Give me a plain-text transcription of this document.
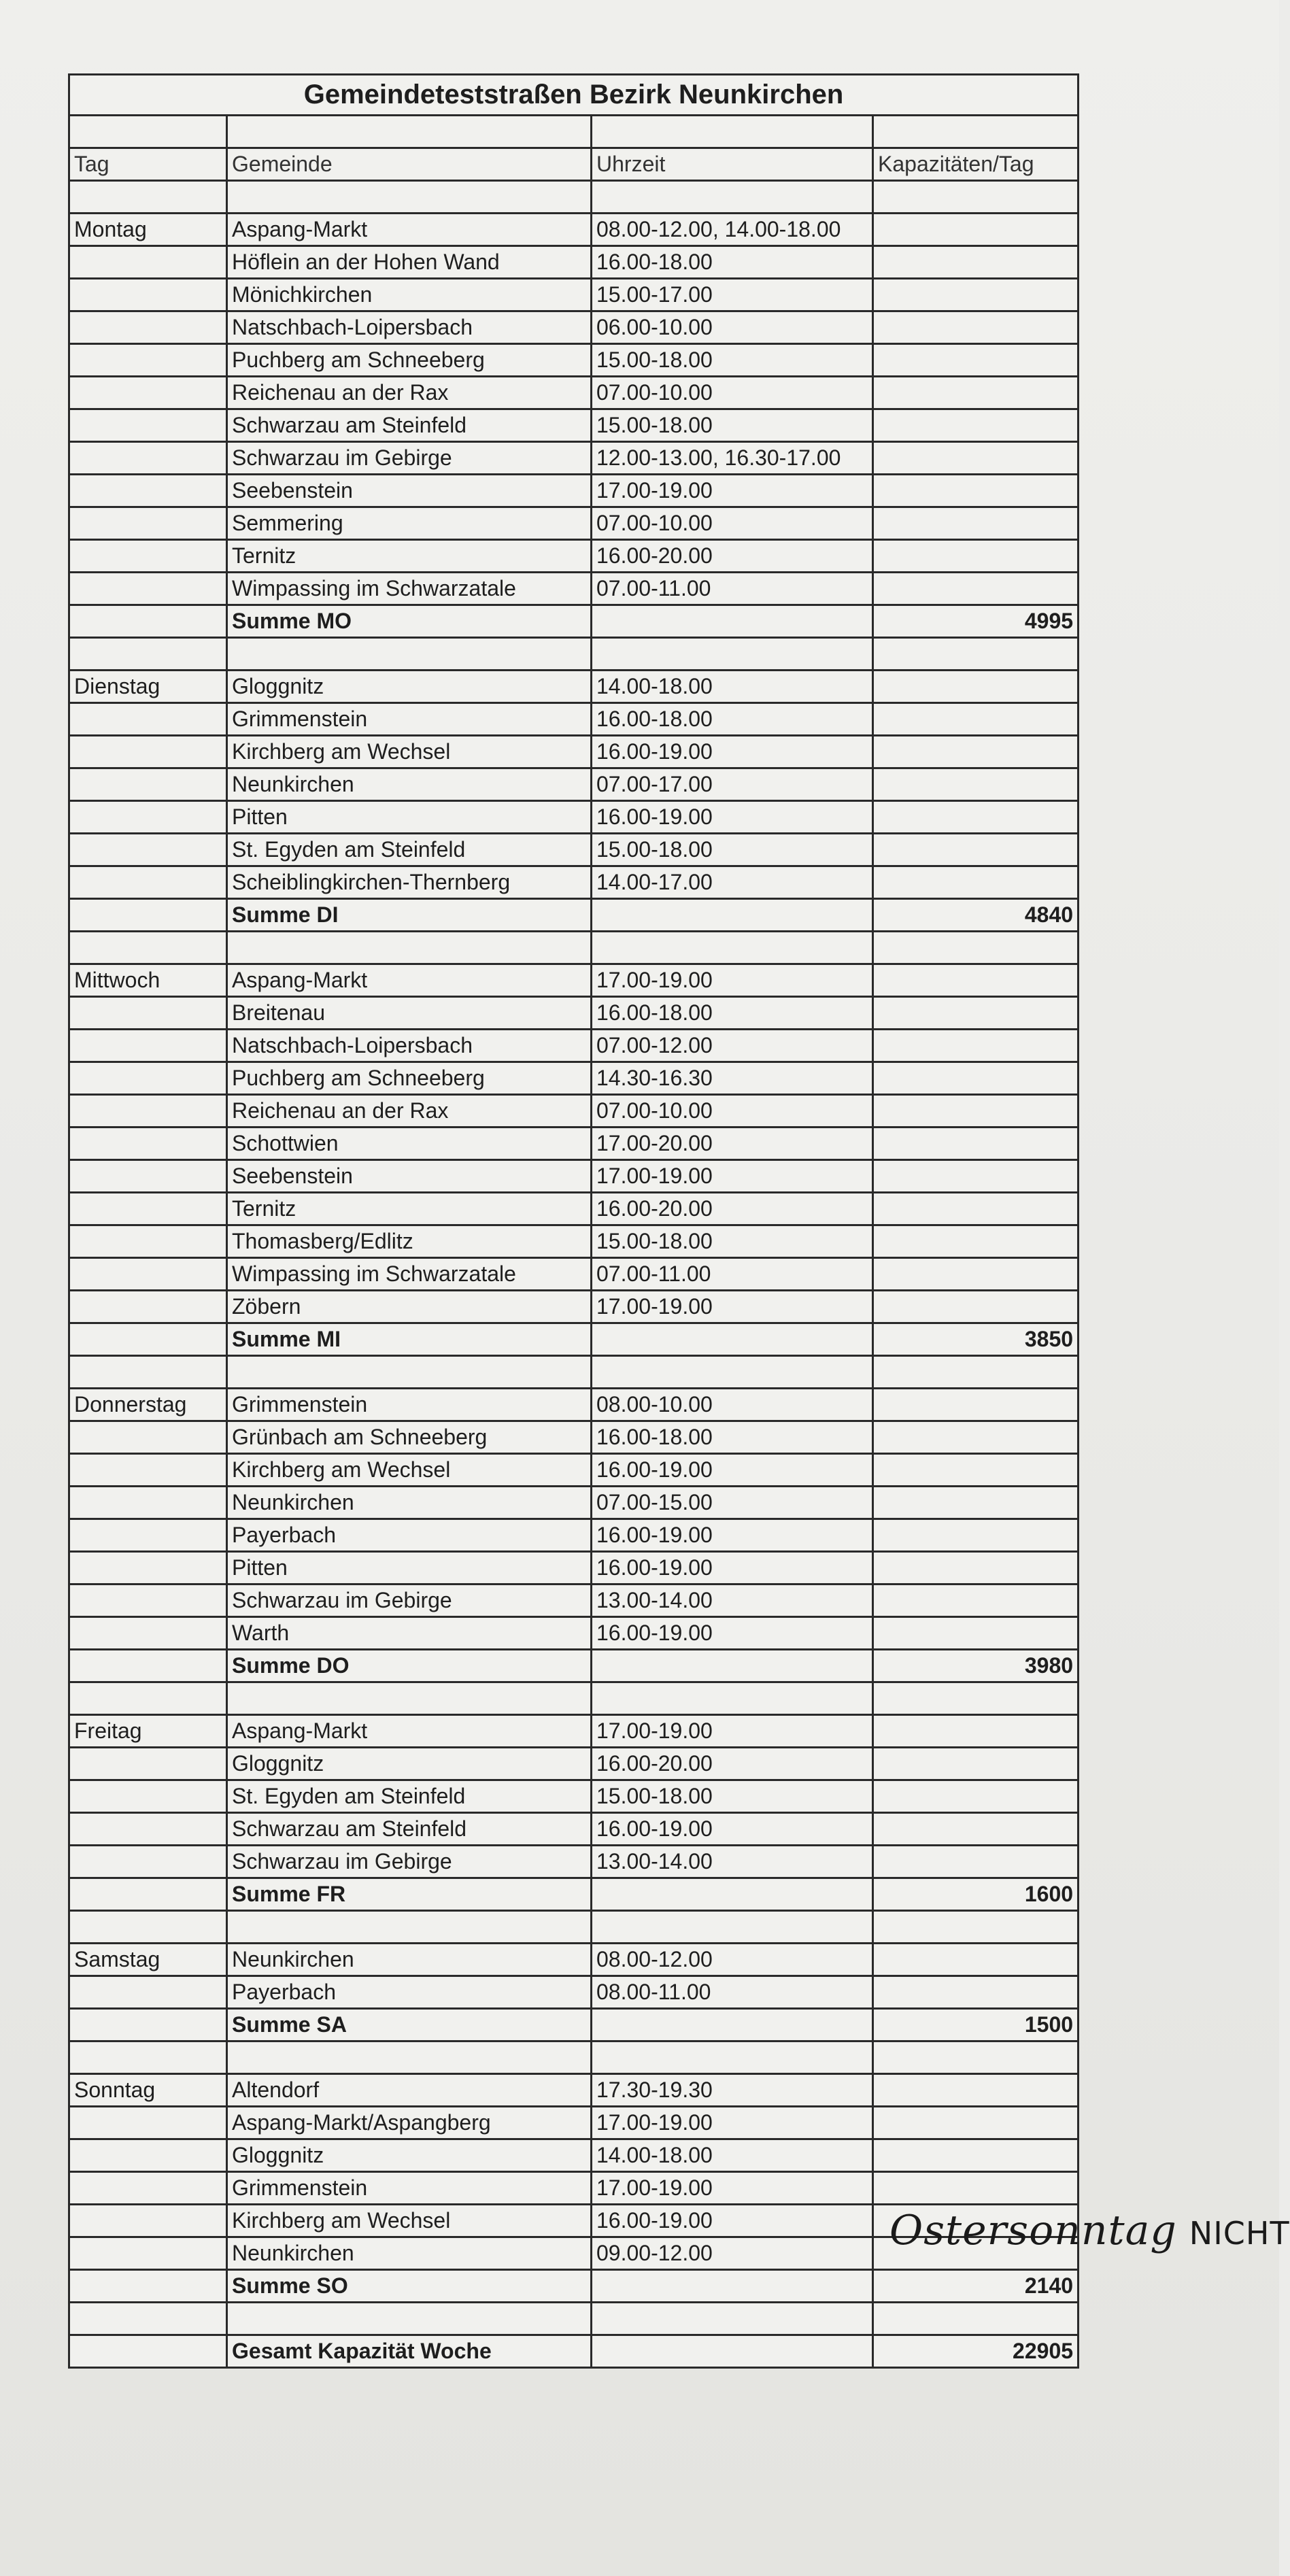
Gemeindeteststraßen Bezirk Neunkirchen			

Tag	Gemeinde	Uhrzeit	Kapazitäten/Tag

Montag	Aspang-Markt	08.00-12.00, 14.00-18.00	
	Höflein an der Hohen Wand	16.00-18.00	
	Mönichkirchen	15.00-17.00	
	Natschbach-Loipersbach	06.00-10.00	
	Puchberg am Schneeberg	15.00-18.00	
	Reichenau an der Rax	07.00-10.00	
	Schwarzau am Steinfeld	15.00-18.00	
	Schwarzau im Gebirge	12.00-13.00, 16.30-17.00	
	Seebenstein	17.00-19.00	
	Semmering	07.00-10.00	
	Ternitz	16.00-20.00	
	Wimpassing im Schwarzatale	07.00-11.00	
	Summe MO		4995

Dienstag	Gloggnitz	14.00-18.00	
	Grimmenstein	16.00-18.00	
	Kirchberg am Wechsel	16.00-19.00	
	Neunkirchen	07.00-17.00	
	Pitten	16.00-19.00	
	St. Egyden am Steinfeld	15.00-18.00	
	Scheiblingkirchen-Thernberg	14.00-17.00	
	Summe DI		4840

Mittwoch	Aspang-Markt	17.00-19.00	
	Breitenau	16.00-18.00	
	Natschbach-Loipersbach	07.00-12.00	
	Puchberg am Schneeberg	14.30-16.30	
	Reichenau an der Rax	07.00-10.00	
	Schottwien	17.00-20.00	
	Seebenstein	17.00-19.00	
	Ternitz	16.00-20.00	
	Thomasberg/Edlitz	15.00-18.00	
	Wimpassing im Schwarzatale	07.00-11.00	
	Zöbern	17.00-19.00	
	Summe MI		3850

Donnerstag	Grimmenstein	08.00-10.00	
	Grünbach am Schneeberg	16.00-18.00	
	Kirchberg am Wechsel	16.00-19.00	
	Neunkirchen	07.00-15.00	
	Payerbach	16.00-19.00	
	Pitten	16.00-19.00	
	Schwarzau im Gebirge	13.00-14.00	
	Warth	16.00-19.00	
	Summe DO		3980

Freitag	Aspang-Markt	17.00-19.00	
	Gloggnitz	16.00-20.00	
	St. Egyden am Steinfeld	15.00-18.00	
	Schwarzau am Steinfeld	16.00-19.00	
	Schwarzau im Gebirge	13.00-14.00	
	Summe FR		1600

Samstag	Neunkirchen	08.00-12.00	
	Payerbach	08.00-11.00	
	Summe SA		1500

Sonntag	Altendorf	17.30-19.30	
	Aspang-Markt/Aspangberg	17.00-19.00	
	Gloggnitz	14.00-18.00	
	Grimmenstein	17.00-19.00	
	Kirchberg am Wechsel	16.00-19.00	
	Neunkirchen	09.00-12.00	
	Summe SO		2140

	Gesamt Kapazität Woche		22905
Ostersonntag NICHT
